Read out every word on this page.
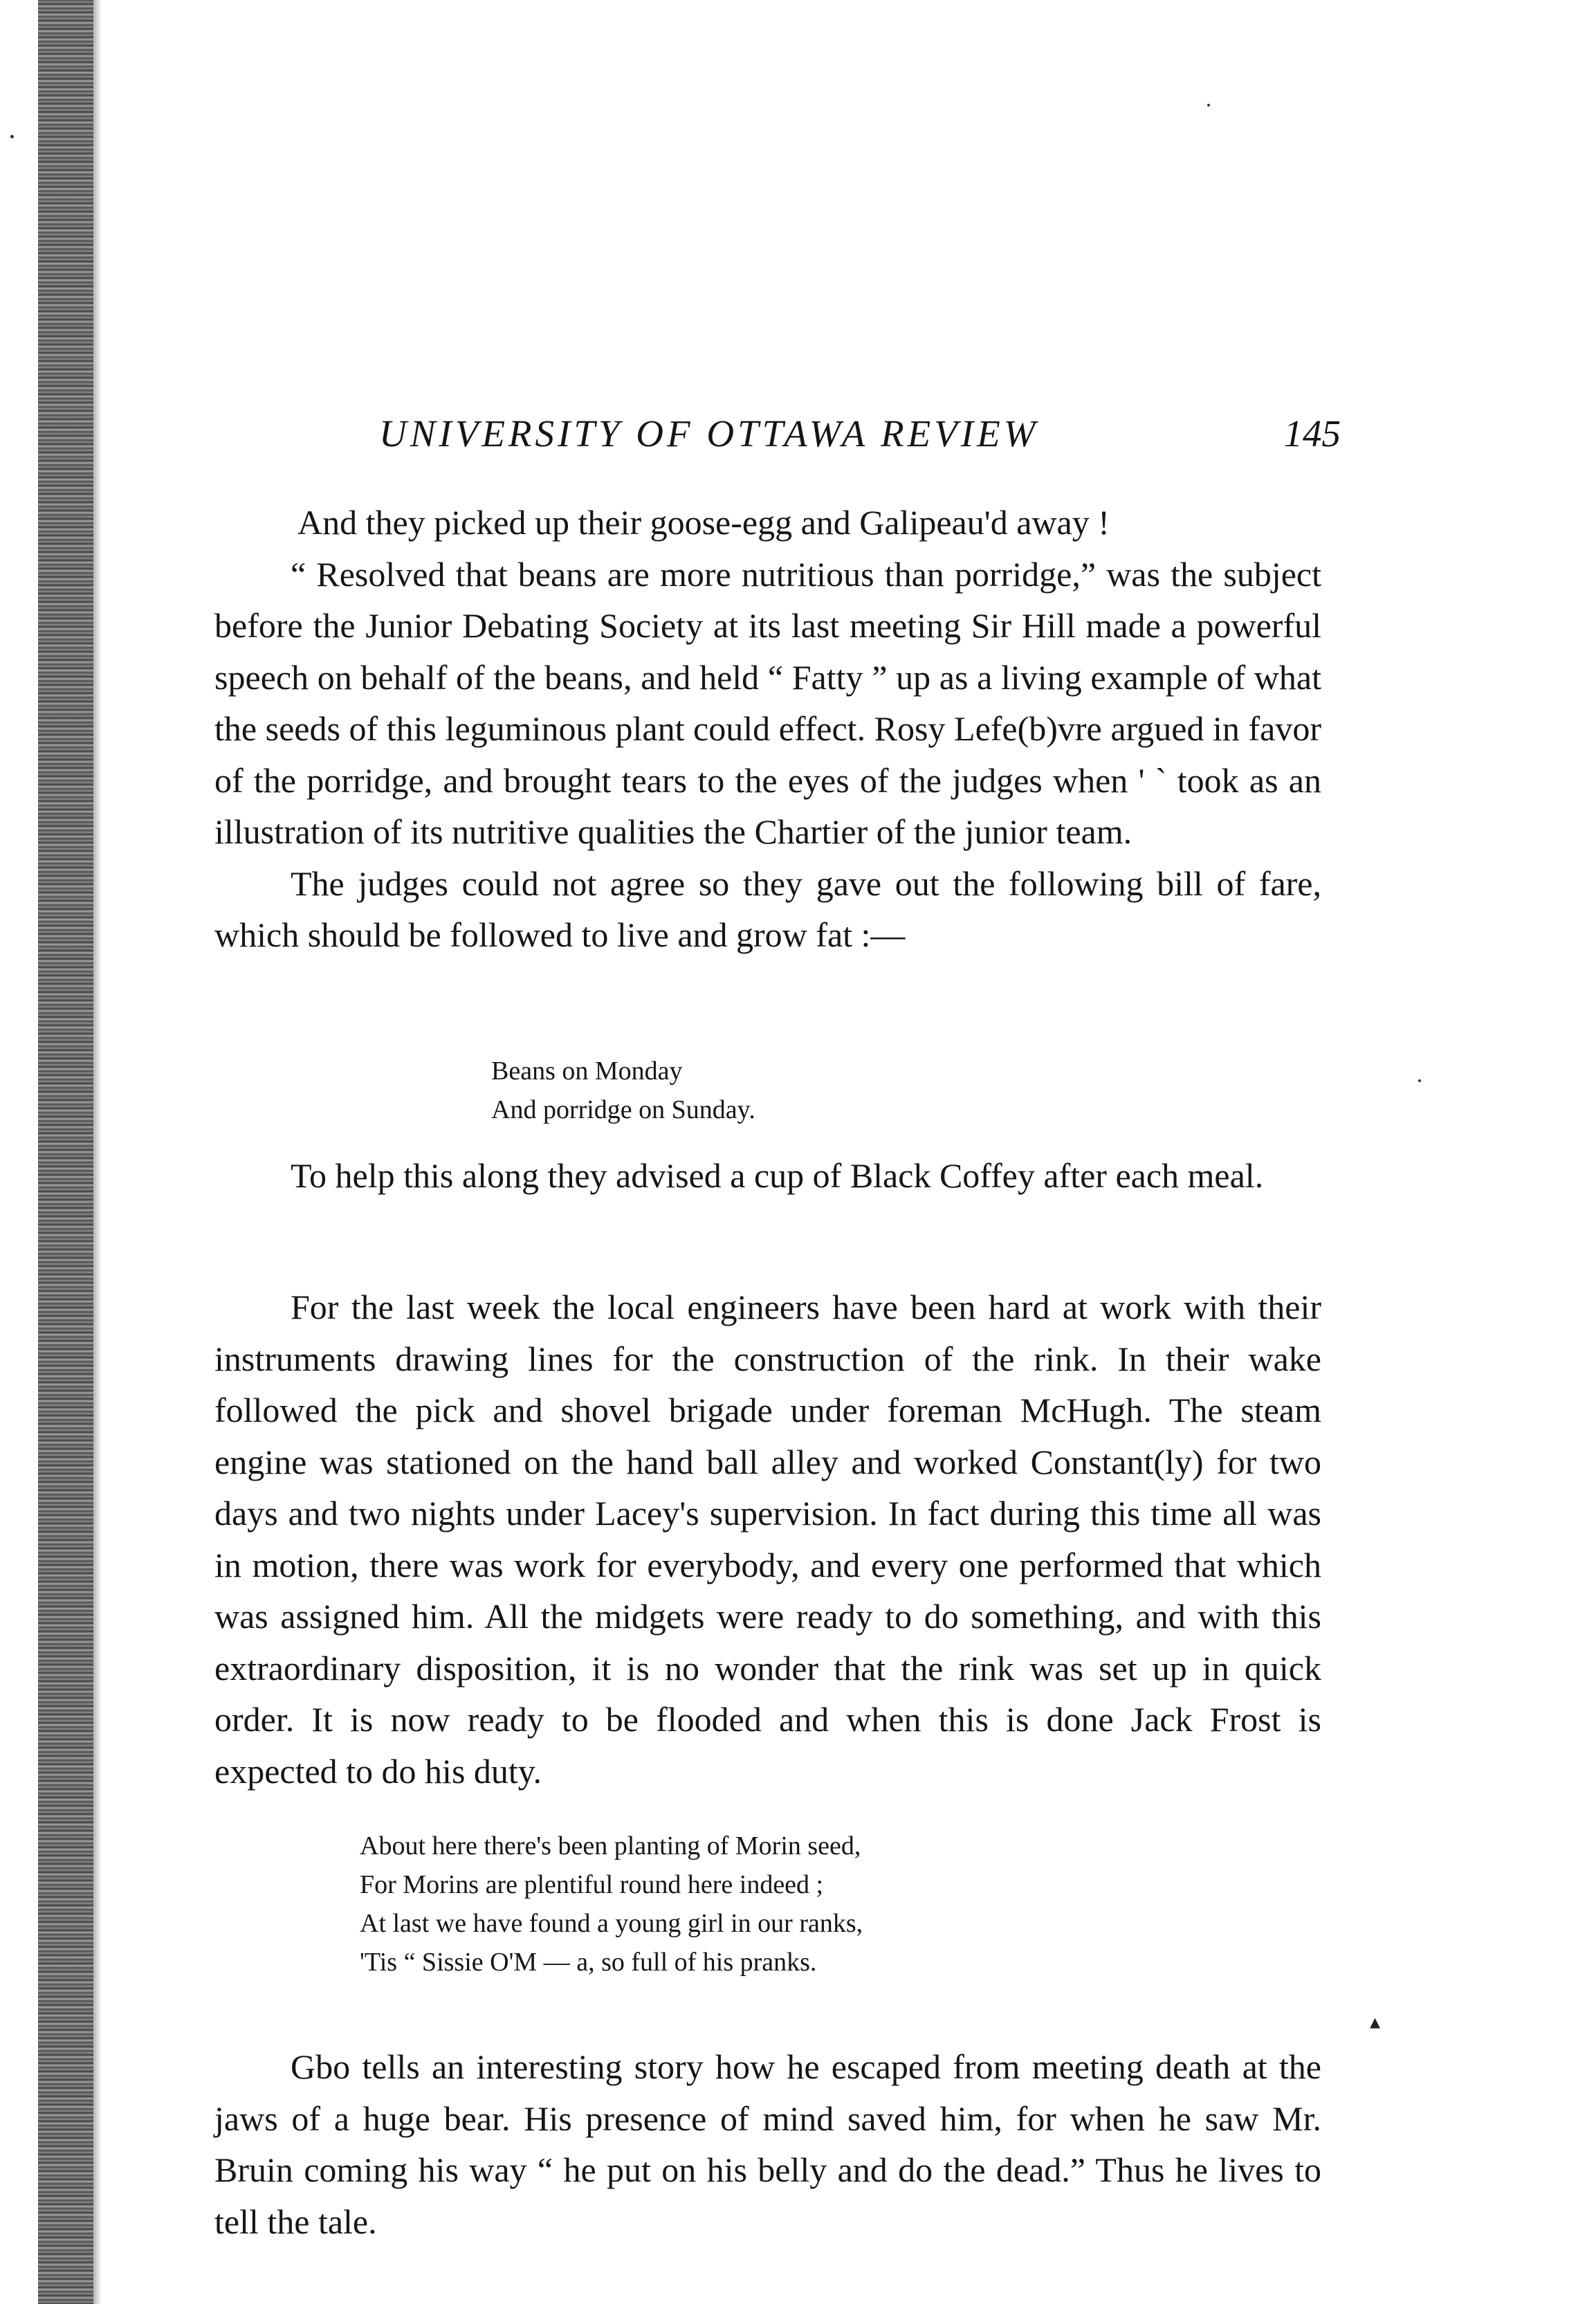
UNIVERSITY OF OTTAWA REVIEW	145

And they picked up their goose-egg and Galipeau'd away !

“ Resolved that beans are more nutritious than porridge,” was the subject before the Junior Debating Society at its last meeting Sir Hill made a powerful speech on behalf of the beans, and held “ Fatty ” up as a living example of what the seeds of this leguminous plant could effect. Rosy Lefe(b)vre argued in favor of the porridge, and brought tears to the eyes of the judges when ' ` took as an illustration of its nutritive qualities the Chartier of the junior team.

The judges could not agree so they gave out the following bill of fare, which should be followed to live and grow fat :—

Beans on Monday
And porridge on Sunday.

To help this along they advised a cup of Black Coffey after each meal.

For the last week the local engineers have been hard at work with their instruments drawing lines for the construction of the rink. In their wake followed the pick and shovel brigade under foreman McHugh. The steam engine was stationed on the hand ball alley and worked Constant(ly) for two days and two nights under Lacey's supervision. In fact during this time all was in motion, there was work for everybody, and every one performed that which was assigned him. All the midgets were ready to do something, and with this extraordinary disposition, it is no wonder that the rink was set up in quick order. It is now ready to be flooded and when this is done Jack Frost is expected to do his duty.

About here there's been planting of Morin seed,
For Morins are plentiful round here indeed ;
At last we have found a young girl in our ranks,
'Tis “ Sissie O'M — a, so full of his pranks.
▴

Gbo tells an interesting story how he escaped from meeting death at the jaws of a huge bear. His presence of mind saved him, for when he saw Mr. Bruin coming his way “ he put on his belly and do the dead.” Thus he lives to tell the tale.
